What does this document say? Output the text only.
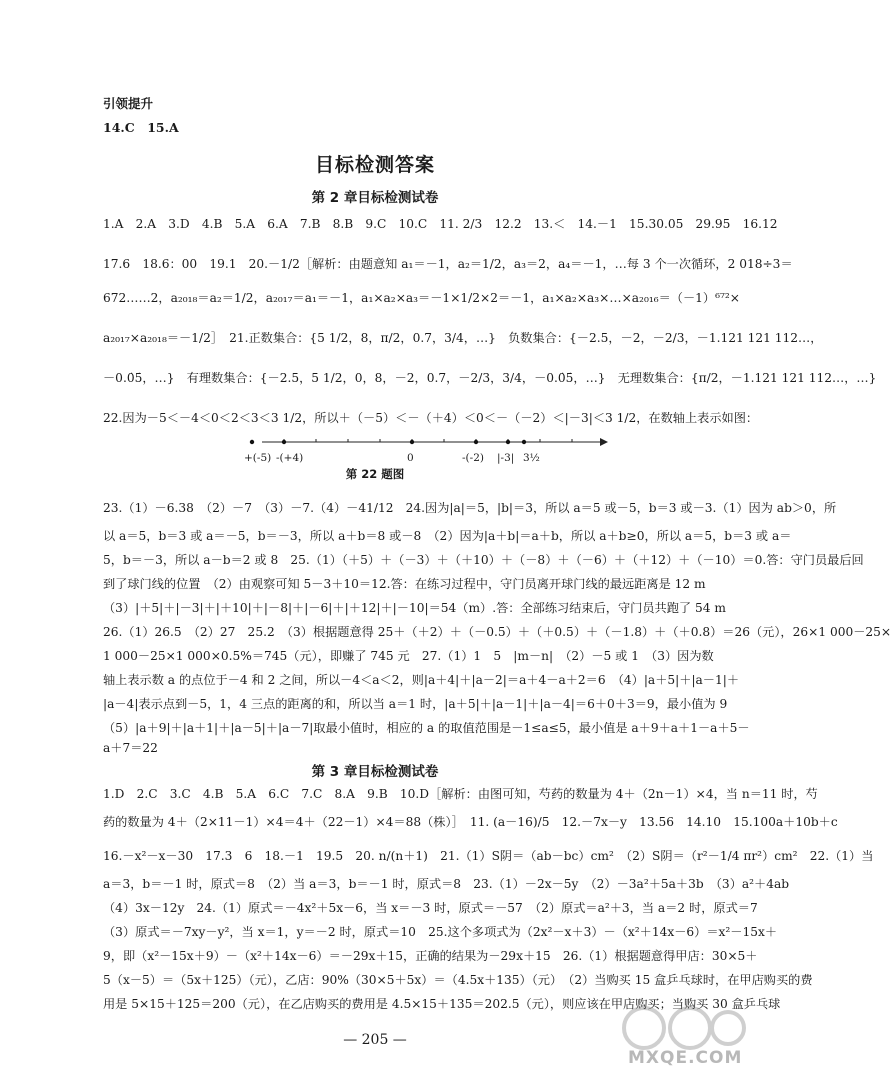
引领提升
14.C　15.A
目标检测答案
第 2 章目标检测试卷
1.A　2.A　3.D　4.B　5.A　6.A　7.B　8.B　9.C　10.C　11. 2/3　12.2　13.＜　14.－1　15.30.05　29.95　16.12
17.6　18.6：00　19.1　20.－1/2［解析：由题意知 a₁＝－1，a₂＝1/2，a₃＝2，a₄＝－1，…每 3 个一次循环，2 018÷3＝
672……2，a₂₀₁₈＝a₂＝1/2，a₂₀₁₇＝a₁＝－1，a₁×a₂×a₃＝－1×1/2×2＝－1，a₁×a₂×a₃×…×a₂₀₁₆＝（－1）⁶⁷²×
a₂₀₁₇×a₂₀₁₈＝－1/2］　21.正数集合：{5 1/2，8，π/2，0.7，3/4，…}　负数集合：{－2.5，－2，－2/3，－1.121 121 112…，
－0.0̇5̇，…}　有理数集合：{－2.5，5 1/2，0，8，－2，0.7，－2/3，3/4，－0.0̇5̇，…}　无理数集合：{π/2，－1.121 121 112…，…}
22.因为－5＜－4＜0＜2＜3＜3 1/2，所以＋（－5）＜－（＋4）＜0＜－（－2）＜|－3|＜3 1/2，在数轴上表示如图：
+(-5) -(+4)	0	-(-2) |-3| 3½
第 22 题图
23.（1）－6.38　（2）－7　（3）－7.（4）－41/12　24.因为|a|＝5，|b|＝3，所以 a＝5 或－5，b＝3 或－3.（1）因为 ab＞0，所
以 a＝5，b＝3 或 a＝－5，b＝－3，所以 a＋b＝8 或－8　（2）因为|a＋b|＝a＋b，所以 a＋b≥0，所以 a＝5，b＝3 或 a＝
5，b＝－3，所以 a－b＝2 或 8　25.（1）（＋5）＋（－3）＋（＋10）＋（－8）＋（－6）＋（＋12）＋（－10）＝0.答：守门员最后回
到了球门线的位置　（2）由观察可知 5－3＋10＝12.答：在练习过程中，守门员离开球门线的最远距离是 12 m
（3）|＋5|＋|－3|＋|＋10|＋|－8|＋|－6|＋|＋12|＋|－10|＝54（m）.答：全部练习结束后，守门员共跑了 54 m
26.（1）26.5　（2）27　25.2　（3）根据题意得 25＋（＋2）＋（－0.5）＋（＋0.5）＋（－1.8）＋（＋0.8）＝26（元），26×1 000－25×
1 000－25×1 000×0.5%＝745（元），即赚了 745 元　27.（1）1　5　|m－n|　（2）－5 或 1　（3）因为数
轴上表示数 a 的点位于－4 和 2 之间，所以－4＜a＜2，则|a＋4|＋|a－2|＝a＋4－a＋2＝6　（4）|a＋5|＋|a－1|＋
|a－4|表示点到－5，1，4 三点的距离的和，所以当 a＝1 时，|a＋5|＋|a－1|＋|a－4|＝6＋0＋3＝9，最小值为 9
（5）|a＋9|＋|a＋1|＋|a－5|＋|a－7|取最小值时，相应的 a 的取值范围是－1≤a≤5，最小值是 a＋9＋a＋1－a＋5－
a＋7＝22
第 3 章目标检测试卷
1.D　2.C　3.C　4.B　5.A　6.C　7.C　8.A　9.B　10.D［解析：由图可知，芍药的数量为 4＋（2n－1）×4，当 n＝11 时，芍
药的数量为 4＋（2×11－1）×4＝4＋（22－1）×4＝88（株）］　11. (a－16)/5　12.－7x－y　13.56　14.10　15.100a＋10b＋c
16.－x²－x－30　17.3　6　18.－1　19.5　20. n/(n＋1)　21.（1）S阴＝（ab－bc）cm²　（2）S阴＝（r²－1/4 πr²）cm²　22.（1）当
a＝3，b＝－1 时，原式＝8　（2）当 a＝3，b＝－1 时，原式＝8　23.（1）－2x－5y　（2）－3a²＋5a＋3b　（3）a²＋4ab
（4）3x－12y　24.（1）原式＝－4x²＋5x－6，当 x＝－3 时，原式＝－57　（2）原式＝a²＋3，当 a＝2 时，原式＝7
（3）原式＝－7xy－y²，当 x＝1，y＝－2 时，原式＝10　25.这个多项式为（2x²－x＋3）－（x²＋14x－6）＝x²－15x＋
9，即（x²－15x＋9）－（x²＋14x－6）＝－29x＋15，正确的结果为－29x＋15　26.（1）根据题意得甲店：30×5＋
5（x－5）＝（5x＋125）（元），乙店：90%（30×5＋5x）＝（4.5x＋135）（元）　（2）当购买 15 盒乒乓球时，在甲店购买的费
用是 5×15＋125＝200（元），在乙店购买的费用是 4.5×15＋135＝202.5（元），则应该在甲店购买；当购买 30 盒乒乓球
— 205 —
MXQE.COM
